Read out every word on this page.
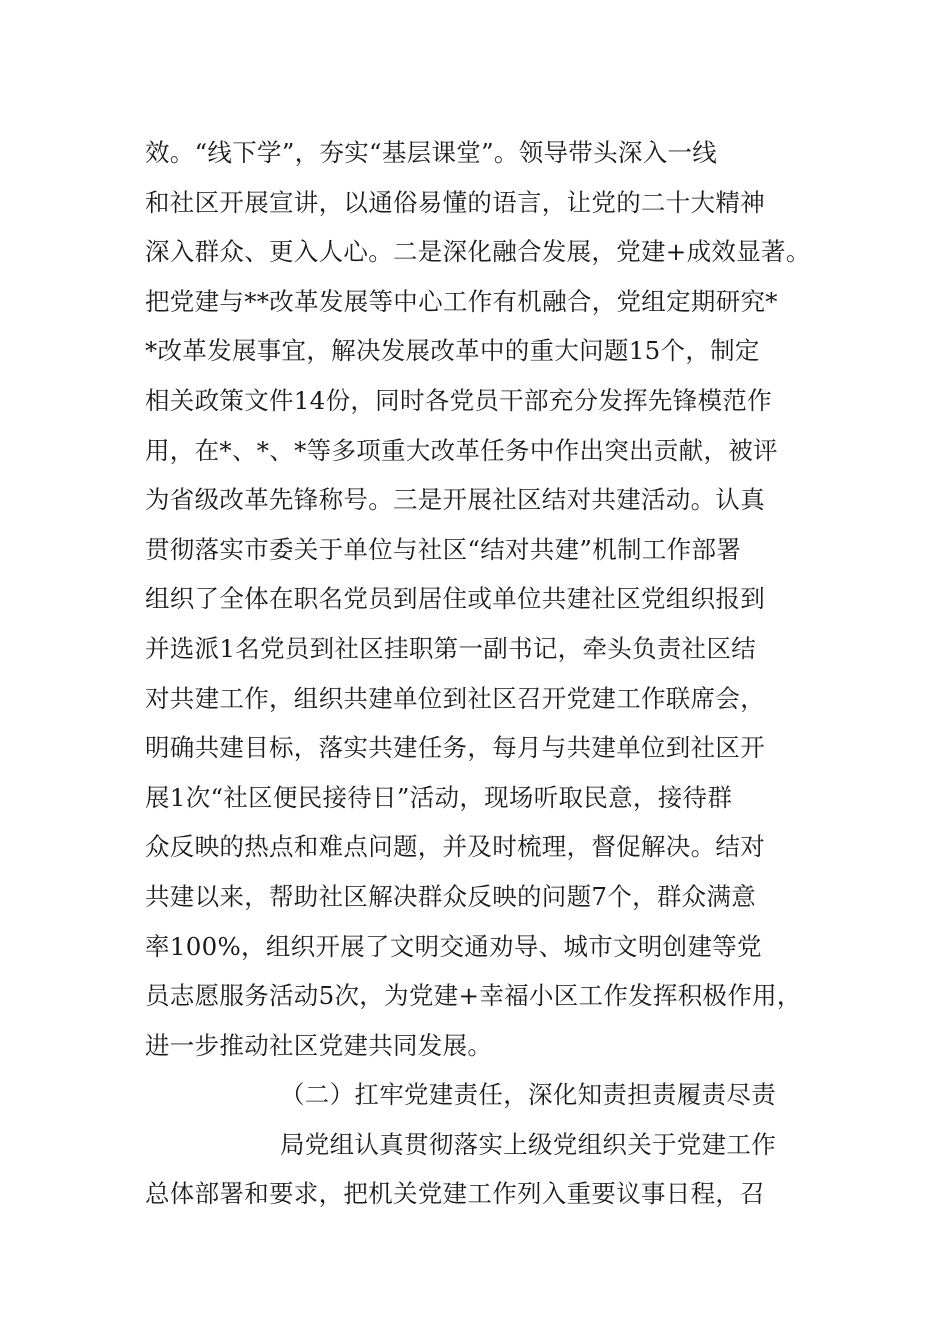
效。“线下学”，夯实“基层课堂”。领导带头深入一线
和社区开展宣讲，以通俗易懂的语言，让党的二十大精神
深入群众、更入人心。二是深化融合发展，党建+成效显著。
把党建与**改革发展等中心工作有机融合，党组定期研究*
*改革发展事宜，解决发展改革中的重大问题15个，制定
相关政策文件14份，同时各党员干部充分发挥先锋模范作
用，在*、*、*等多项重大改革任务中作出突出贡献，被评
为省级改革先锋称号。三是开展社区结对共建活动。认真
贯彻落实市委关于单位与社区“结对共建”机制工作部署
组织了全体在职名党员到居住或单位共建社区党组织报到
并选派1名党员到社区挂职第一副书记，牵头负责社区结
对共建工作，组织共建单位到社区召开党建工作联席会，
明确共建目标，落实共建任务，每月与共建单位到社区开
展1次“社区便民接待日”活动，现场听取民意，接待群
众反映的热点和难点问题，并及时梳理，督促解决。结对
共建以来，帮助社区解决群众反映的问题7个，群众满意
率100%，组织开展了文明交通劝导、城市文明创建等党
员志愿服务活动5次，为党建+幸福小区工作发挥积极作用，
进一步推动社区党建共同发展。
（二）扛牢党建责任，深化知责担责履责尽责
局党组认真贯彻落实上级党组织关于党建工作
总体部署和要求，把机关党建工作列入重要议事日程，召
